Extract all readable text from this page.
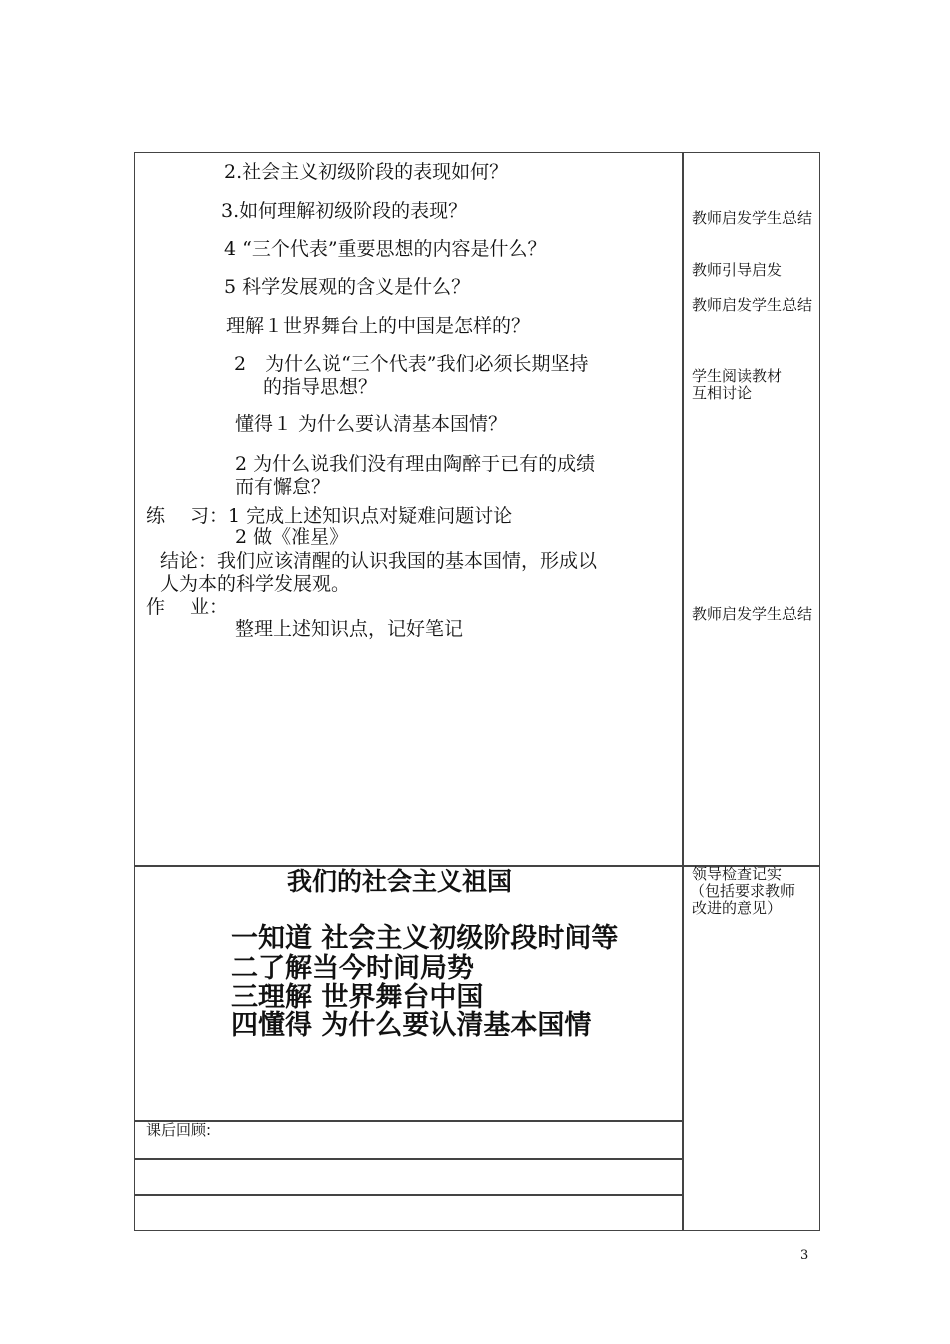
2.社会主义初级阶段的表现如何？
3.如何理解初级阶段的表现？
4 “三个代表”重要思想的内容是什么？
5 科学发展观的含义是什么？
理解１世界舞台上的中国是怎样的？
2　为什么说“三个代表”我们必须长期坚持
的指导思想？
懂得１ 为什么要认清基本国情？
2 为什么说我们没有理由陶醉于已有的成绩
而有懈怠？
练　 习：1 完成上述知识点对疑难问题讨论
2 做《准星》
结论：我们应该清醒的认识我国的基本国情，形成以
人为本的科学发展观。
作　 业：
整理上述知识点，记好笔记
教师启发学生总结
教师引导启发
教师启发学生总结
学生阅读教材互相讨论
教师启发学生总结
我们的社会主义祖国
一知道 社会主义初级阶段时间等
二了解当今时间局势
三理解 世界舞台中国
四懂得 为什么要认清基本国情
领导检查记实
（包括要求教师
改进的意见）
课后回顾:
3
